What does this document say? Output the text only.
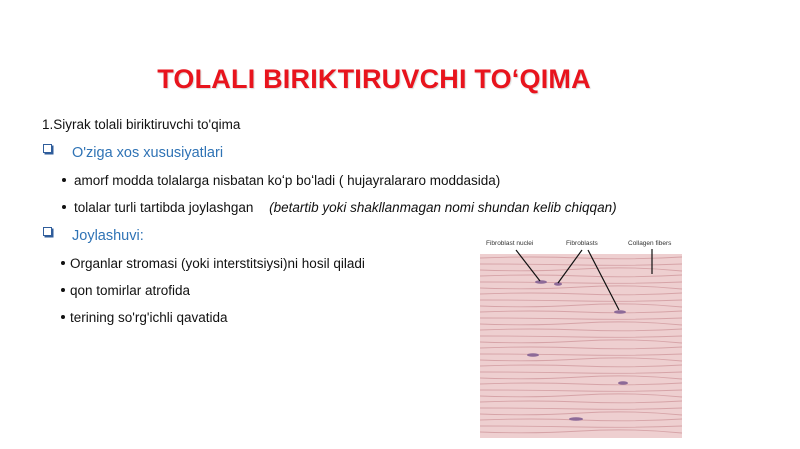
TOLALI BIRIKTIRUVCHI TOʻQIMA
1.Siyrak tolali biriktiruvchi to'qima
O'ziga xos xususiyatlari
amorf modda tolalarga nisbatan koʻp boʻladi ( hujayralararo moddasida)
tolalar turli tartibda joylashgan (betartib yoki shakllanmagan nomi shundan kelib chiqqan)
Joylashuvi:
Organlar stromasi (yoki interstitsiysi)ni hosil qiladi
qon tomirlar atrofida
terining so'rg'ichli qavatida
Fibroblast nuclei	Fibroblasts	Collagen fibers
